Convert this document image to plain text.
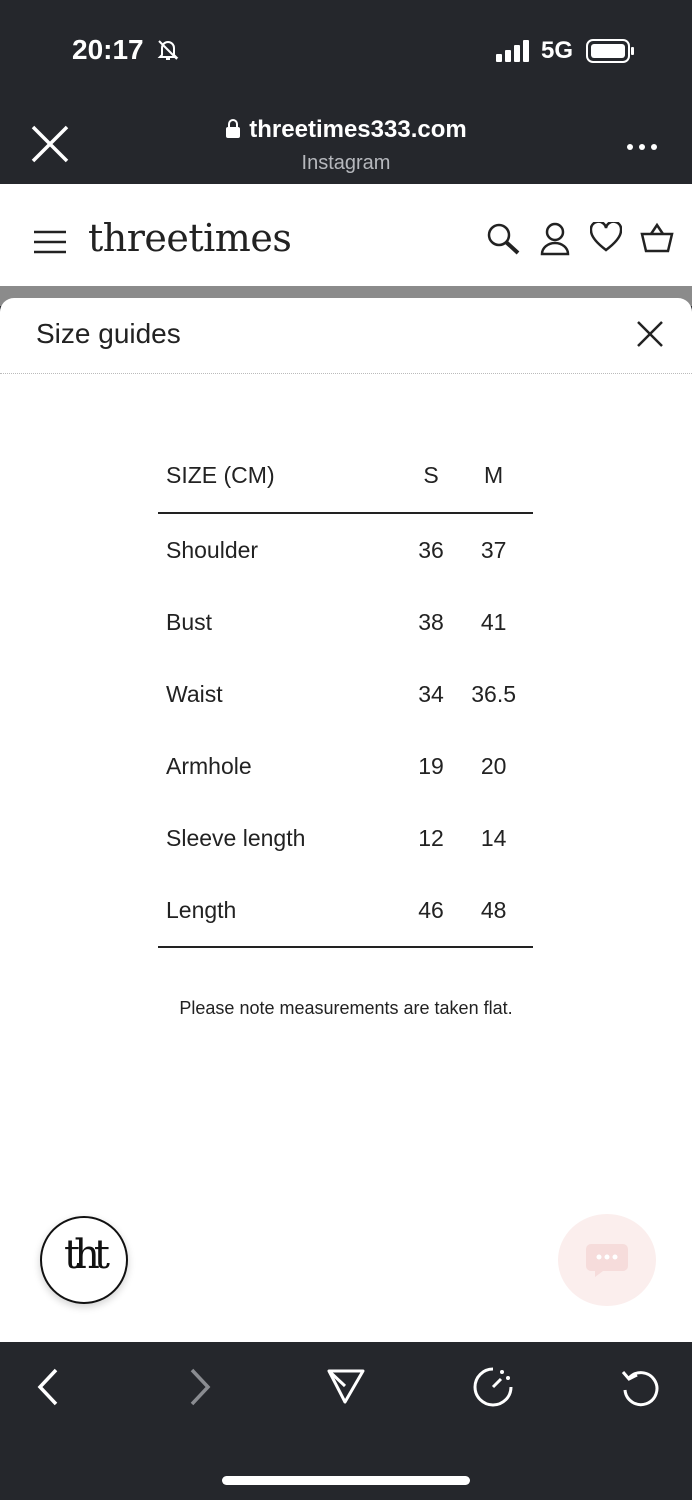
20:17	5G
threetimes333.com
Instagram
threetimes
Size guides
SIZE (CM)	S	M
Shoulder	36	37
Bust	38	41
Waist	34	36.5
Armhole	19	20
Sleeve length	12	14
Length	46	48
Please note measurements are taken flat.
tht
